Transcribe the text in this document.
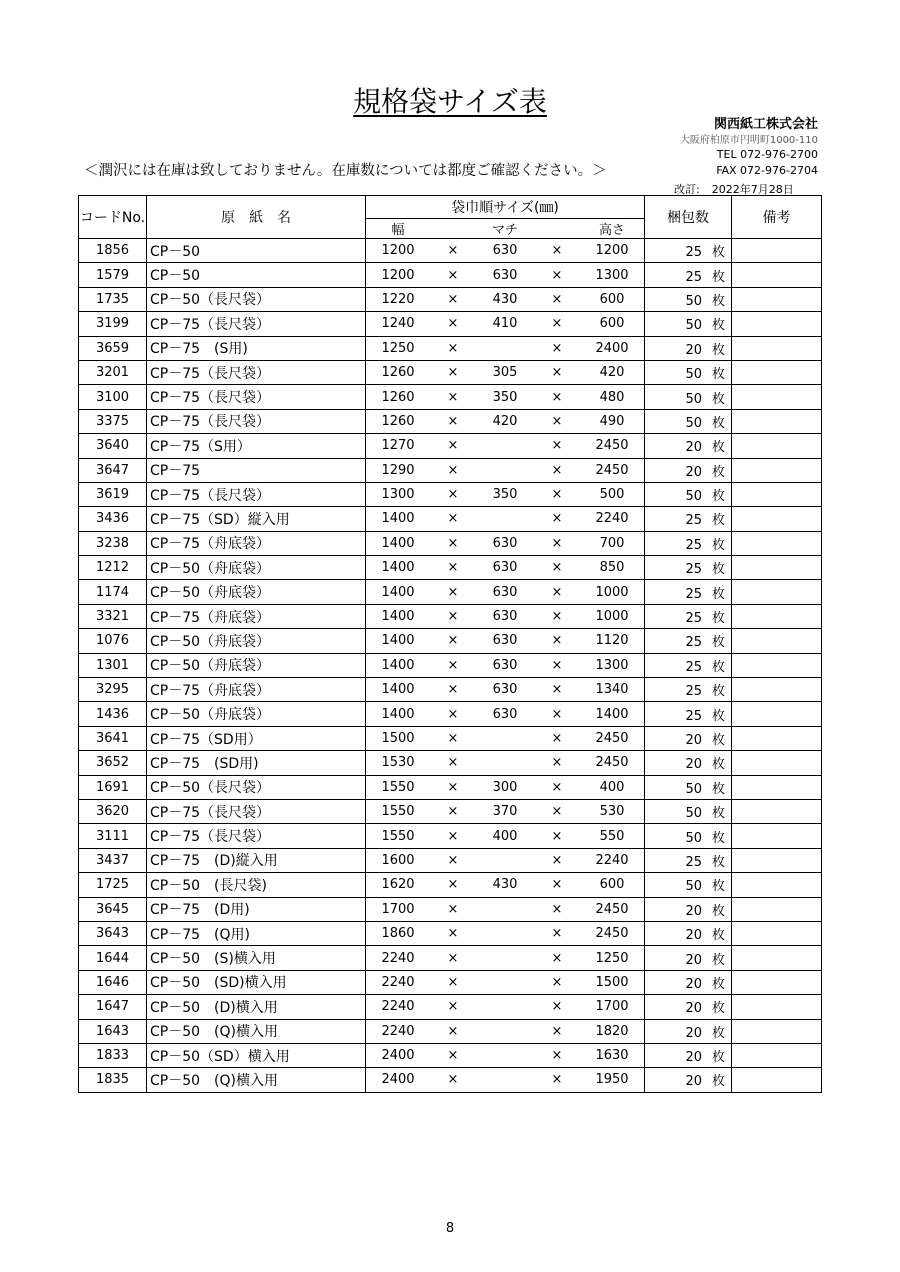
規格袋サイズ表
関西紙工株式会社
大阪府柏原市円明町1000-110
TEL 072-976-2700
FAX 072-976-2704
＜潤沢には在庫は致しておりません。在庫数については都度ご確認ください。＞
改訂: 2022年7月28日
コードNo.	原　紙　名	袋巾順サイズ(㎜)	梱包数	備考

		幅 マチ 高さ		

1856	CP－50	1200 × 630 × 1200	25 枚	
1579	CP－50	1200 × 630 × 1300	25 枚	
1735	CP－50（長尺袋）	1220 × 430 × 600	50 枚	
3199	CP－75（長尺袋）	1240 × 410 × 600	50 枚	
3659	CP－75　(S用)	1250 × × 2400	20 枚	
3201	CP－75（長尺袋）	1260 × 305 × 420	50 枚	
3100	CP－75（長尺袋）	1260 × 350 × 480	50 枚	
3375	CP－75（長尺袋）	1260 × 420 × 490	50 枚	
3640	CP－75（S用）	1270 × × 2450	20 枚	
3647	CP－75	1290 × × 2450	20 枚	
3619	CP－75（長尺袋）	1300 × 350 × 500	50 枚	
3436	CP－75（SD）縦入用	1400 × × 2240	25 枚	
3238	CP－75（舟底袋）	1400 × 630 × 700	25 枚	
1212	CP－50（舟底袋）	1400 × 630 × 850	25 枚	
1174	CP－50（舟底袋）	1400 × 630 × 1000	25 枚	
3321	CP－75（舟底袋）	1400 × 630 × 1000	25 枚	
1076	CP－50（舟底袋）	1400 × 630 × 1120	25 枚	
1301	CP－50（舟底袋）	1400 × 630 × 1300	25 枚	
3295	CP－75（舟底袋）	1400 × 630 × 1340	25 枚	
1436	CP－50（舟底袋）	1400 × 630 × 1400	25 枚	
3641	CP－75（SD用）	1500 × × 2450	20 枚	
3652	CP－75　(SD用)	1530 × × 2450	20 枚	
1691	CP－50（長尺袋）	1550 × 300 × 400	50 枚	
3620	CP－75（長尺袋）	1550 × 370 × 530	50 枚	
3111	CP－75（長尺袋）	1550 × 400 × 550	50 枚	
3437	CP－75　(D)縦入用	1600 × × 2240	25 枚	
1725	CP－50　(長尺袋)	1620 × 430 × 600	50 枚	
3645	CP－75　(D用)	1700 × × 2450	20 枚	
3643	CP－75　(Q用)	1860 × × 2450	20 枚	
1644	CP－50　(S)横入用	2240 × × 1250	20 枚	
1646	CP－50　(SD)横入用	2240 × × 1500	20 枚	
1647	CP－50　(D)横入用	2240 × × 1700	20 枚	
1643	CP－50　(Q)横入用	2240 × × 1820	20 枚	
1833	CP－50（SD）横入用	2400 × × 1630	20 枚	
1835	CP－50　(Q)横入用	2400 × × 1950	20 枚	
8
